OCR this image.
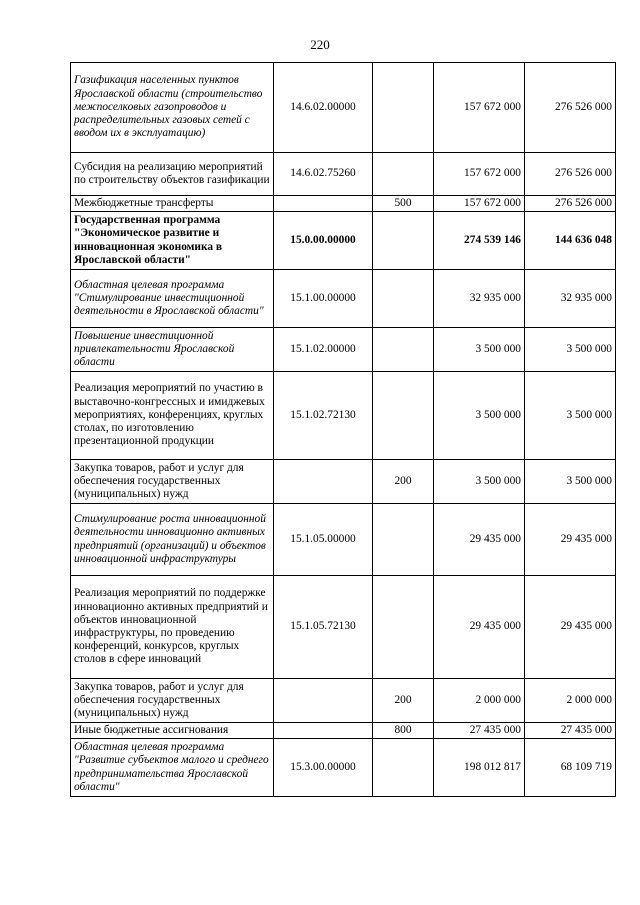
220
Газификация населенных пунктов Ярославской области (строительство межпоселковых газопроводов и распределительных газовых сетей с вводом их в эксплуатацию)	14.6.02.00000		157 672 000	276 526 000
Субсидия на реализацию мероприятий по строительству объектов газификации	14.6.02.75260		157 672 000	276 526 000
Межбюджетные трансферты		500	157 672 000	276 526 000
Государственная программа "Экономическое развитие и инновационная экономика в Ярославской области"	15.0.00.00000		274 539 146	144 636 048
Областная целевая программа "Стимулирование инвестиционной деятельности в Ярославской области"	15.1.00.00000		32 935 000	32 935 000
Повышение инвестиционной привлекательности Ярославской области	15.1.02.00000		3 500 000	3 500 000
Реализация мероприятий по участию в выставочно-конгрессных и имиджевых мероприятиях, конференциях, круглых столах, по изготовлению презентационной продукции	15.1.02.72130		3 500 000	3 500 000
Закупка товаров, работ и услуг для обеспечения государственных (муниципальных) нужд		200	3 500 000	3 500 000
Стимулирование роста инновационной деятельности инновационно активных предприятий (организаций) и объектов инновационной инфраструктуры	15.1.05.00000		29 435 000	29 435 000
Реализация мероприятий по поддержке инновационно активных предприятий и объектов инновационной инфраструктуры, по проведению конференций, конкурсов, круглых столов в сфере инноваций	15.1.05.72130		29 435 000	29 435 000
Закупка товаров, работ и услуг для обеспечения государственных (муниципальных) нужд		200	2 000 000	2 000 000
Иные бюджетные ассигнования		800	27 435 000	27 435 000
Областная целевая программа "Развитие субъектов малого и среднего предпринимательства Ярославской области"	15.3.00.00000		198 012 817	68 109 719
